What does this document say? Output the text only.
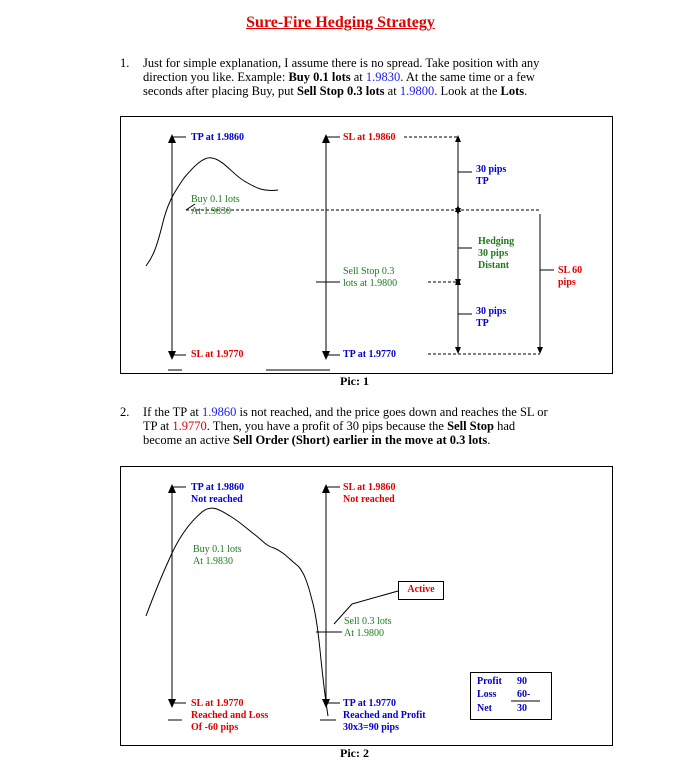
Sure-Fire Hedging Strategy
1. Just for simple explanation, I assume there is no spread. Take position with any
direction you like. Example: Buy 0.1 lots at 1.9830. At the same time or a few
seconds after placing Buy, put Sell Stop 0.3 lots at 1.9800. Look at the Lots.
TP at 1.9860
Buy 0.1 lots
At 1.9830
SL at 1.9770
SL at 1.9860
Sell Stop 0.3
lots at 1.9800
TP at 1.9770
30 pips
TP
Hedging
30 pips
Distant
30 pips
TP
SL 60
pips
Pic: 1
2. If the TP at 1.9860 is not reached, and the price goes down and reaches the SL or
TP at 1.9770. Then, you have a profit of 30 pips because the Sell Stop had
become an active Sell Order (Short) earlier in the move at 0.3 lots.
TP at 1.9860
Not reached
SL at 1.9860
Not reached
Buy 0.1 lots
At 1.9830
Active
Sell 0.3 lots
At 1.9800
SL at 1.9770
Reached and Loss
Of -60 pips
TP at 1.9770
Reached and Profit
30x3=90 pips
Profit 90
Loss 60-
Net	30
Pic: 2
